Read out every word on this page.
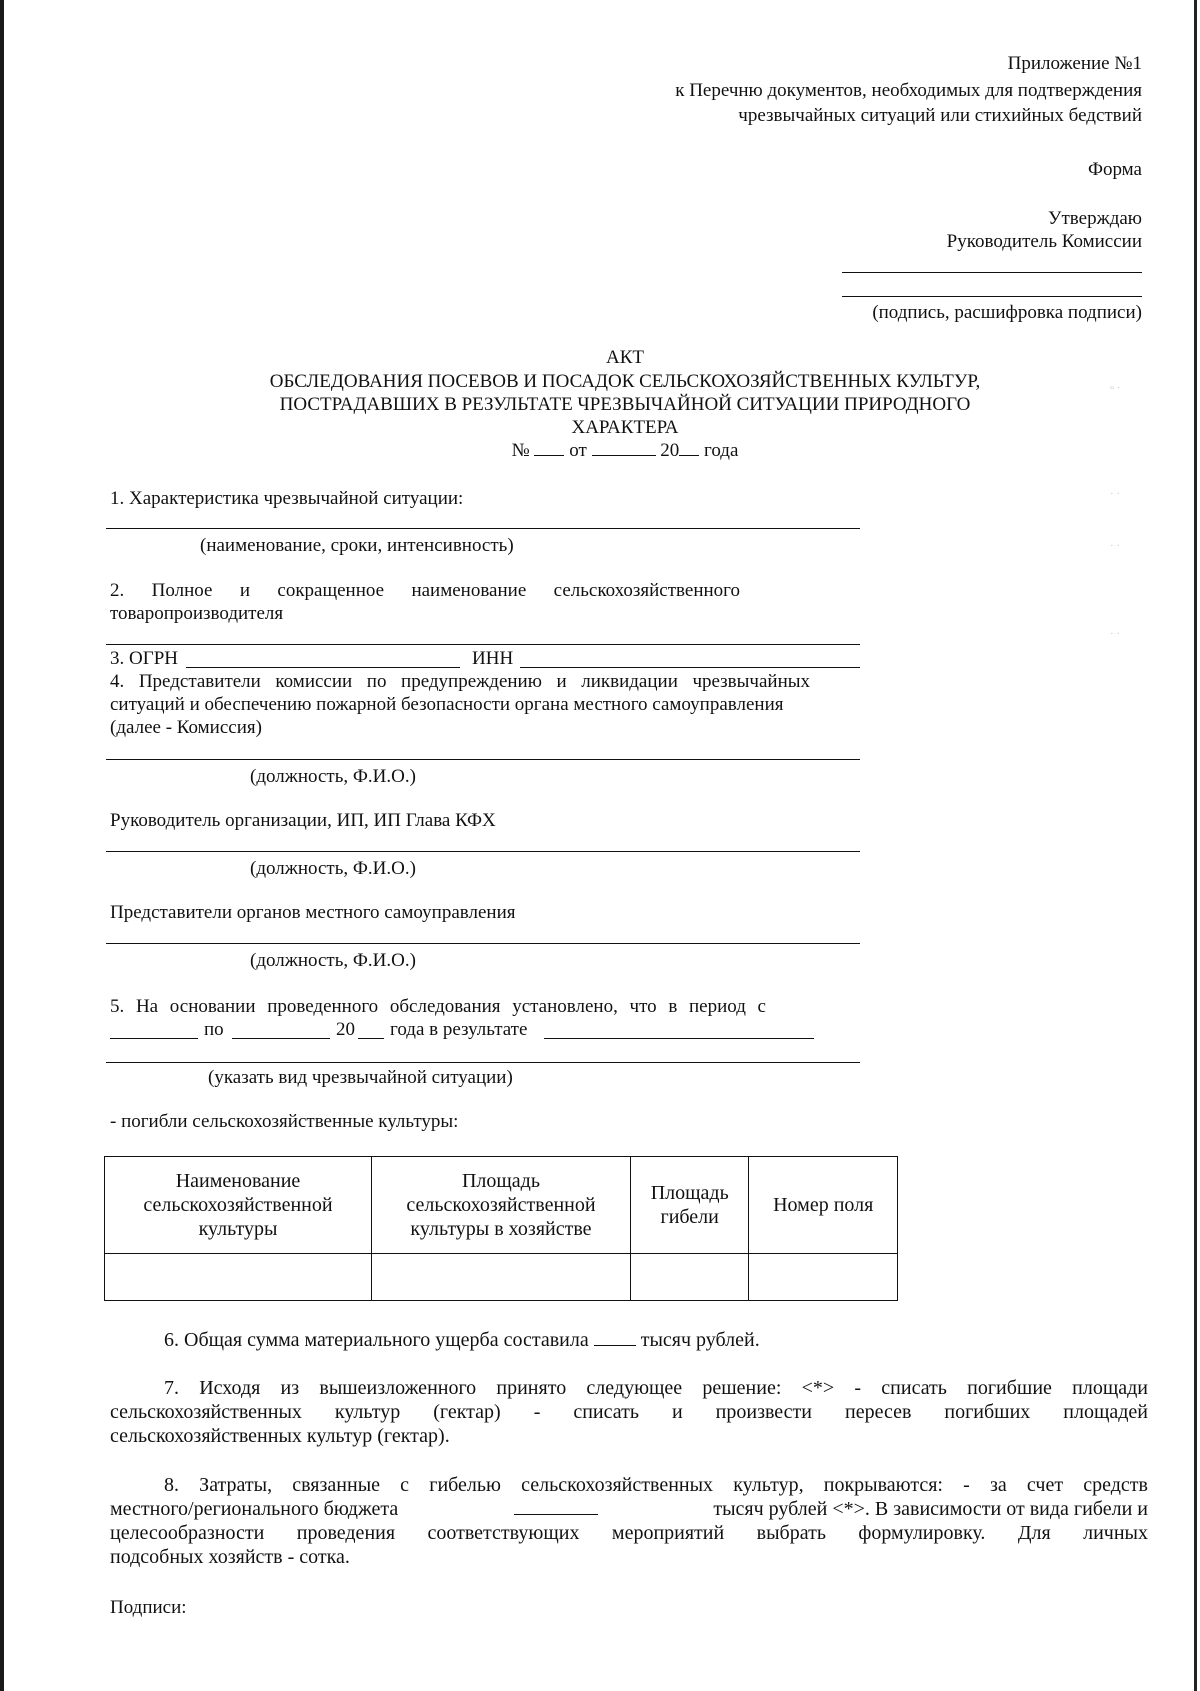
▫ ·
· ·
· ·
· ·
Приложение №1
к Перечню документов, необходимых для подтверждения
чрезвычайных ситуаций или стихийных бедствий
Форма
Утверждаю
Руководитель Комиссии
(подпись, расшифровка подписи)
АКТ
ОБСЛЕДОВАНИЯ ПОСЕВОВ И ПОСАДОК СЕЛЬСКОХОЗЯЙСТВЕННЫХ КУЛЬТУР,
ПОСТРАДАВШИХ В РЕЗУЛЬТАТЕ ЧРЕЗВЫЧАЙНОЙ СИТУАЦИИ ПРИРОДНОГО
ХАРАКТЕРА
№ от	20 года
1. Характеристика чрезвычайной ситуации:
(наименование, сроки, интенсивность)
2. Полное и сокращенное наименование сельскохозяйственного
товаропроизводителя
3. ОГРН	ИНН
4. Представители комиссии по предупреждению и ликвидации чрезвычайных
ситуаций и обеспечению пожарной безопасности органа местного самоуправления
(далее - Комиссия)
(должность, Ф.И.О.)
Руководитель организации, ИП, ИП Глава КФХ
(должность, Ф.И.О.)
Представители органов местного самоуправления
(должность, Ф.И.О.)
5. На основании проведенного обследования установлено, что в период с
по	20 года в результате
(указать вид чрезвычайной ситуации)
- погибли сельскохозяйственные культуры:
Наименование сельскохозяйственной культуры	Площадь сельскохозяйственной культуры в хозяйстве	Площадь гибели	Номер поля

6. Общая сумма материального ущерба составила	тысяч рублей.
7. Исходя из вышеизложенного принято следующее решение: <*> - списать погибшие площади
сельскохозяйственных культур (гектар) - списать и произвести пересев погибших площадей
сельскохозяйственных культур (гектар).
8. Затраты, связанные с гибелью сельскохозяйственных культур, покрываются: - за счет средств
местного/регионального бюджета	тысяч рублей <*>. В зависимости от вида гибели и
целесообразности проведения соответствующих мероприятий выбрать формулировку. Для личных
подсобных хозяйств - сотка.
Подписи:
